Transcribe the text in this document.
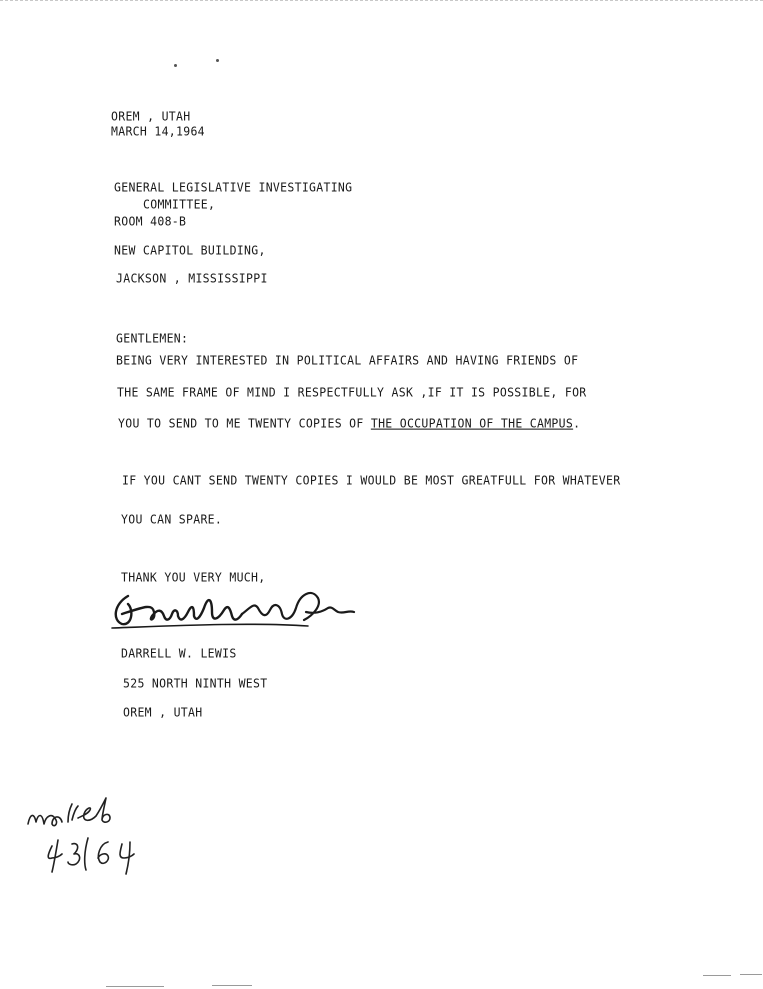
OREM , UTAH
MARCH 14,1964
GENERAL LEGISLATIVE INVESTIGATING
COMMITTEE,
ROOM 408-B
NEW CAPITOL BUILDING,
JACKSON , MISSISSIPPI
GENTLEMEN:
BEING VERY INTERESTED IN POLITICAL AFFAIRS AND HAVING FRIENDS OF
THE SAME FRAME OF MIND I RESPECTFULLY ASK ,IF IT IS POSSIBLE, FOR
YOU TO SEND TO ME TWENTY COPIES OF THE OCCUPATION OF THE CAMPUS.
IF YOU CANT SEND TWENTY COPIES I WOULD BE MOST GREATFULL FOR WHATEVER
YOU CAN SPARE.
THANK YOU VERY MUCH,
DARRELL W. LEWIS
525 NORTH NINTH WEST
OREM , UTAH
